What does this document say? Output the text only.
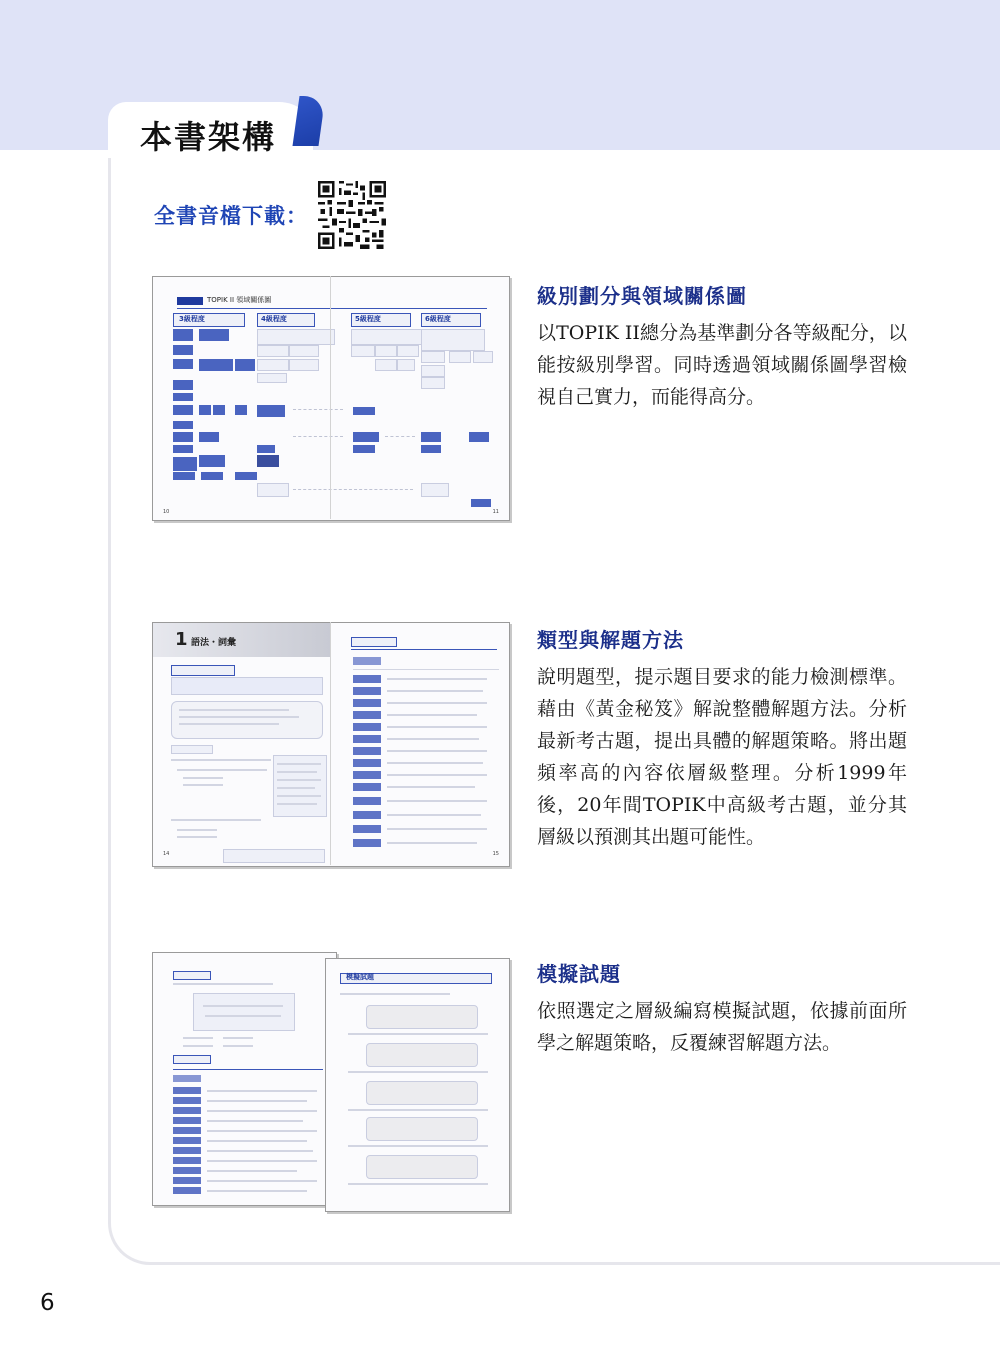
本書架構
全書音檔下載：
TOPIK II 領域關係圖
3級程度	4級程度	5級程度	6級程度
10	11
1 語法・詞彙
14	15
模擬試題
級別劃分與領域關係圖

以TOPIK II總分為基準劃分各等級配分，以能按級別學習。同時透過領域關係圖學習檢視自己實力，而能得高分。

類型與解題方法

說明題型，提示題目要求的能力檢測標準。藉由《黃金秘笈》解說整體解題方法。分析最新考古題，提出具體的解題策略。將出題頻率高的內容依層級整理。分析1999年後，20年間TOPIK中高級考古題，並分其層級以預測其出題可能性。

模擬試題

依照選定之層級編寫模擬試題，依據前面所學之解題策略，反覆練習解題方法。

6
